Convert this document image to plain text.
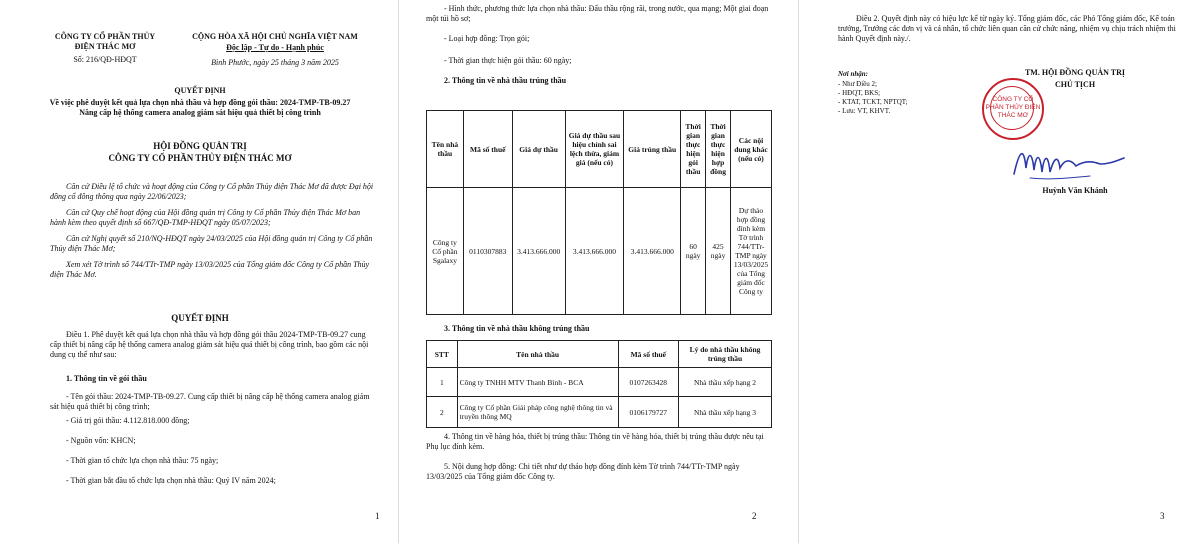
CÔNG TY CỔ PHẦN THỦY ĐIỆN THÁC MƠ
Số: 216/QĐ-HĐQT
CỘNG HÒA XÃ HỘI CHỦ NGHĨA VIỆT NAM
Độc lập - Tự do - Hạnh phúc
Bình Phước, ngày 25 tháng 3 năm 2025
QUYẾT ĐỊNH
Về việc phê duyệt kết quả lựa chọn nhà thầu và hợp đồng gói thầu: 2024-TMP-TB-09.27 Nâng cấp hệ thống camera analog giám sát hiệu quả thiết bị công trình
HỘI ĐỒNG QUẢN TRỊ
CÔNG TY CỔ PHẦN THỦY ĐIỆN THÁC MƠ
Căn cứ Điều lệ tổ chức và hoạt động của Công ty Cổ phần Thủy điện Thác Mơ đã được Đại hội đồng cổ đông thông qua ngày 22/06/2023;
Căn cứ Quy chế hoạt động của Hội đồng quản trị Công ty Cổ phần Thủy điện Thác Mơ ban hành kèm theo quyết định số 667/QĐ-TMP-HĐQT ngày 05/07/2023;
Căn cứ Nghị quyết số 210/NQ-HĐQT ngày 24/03/2025 của Hội đồng quản trị Công ty Cổ phần Thủy điện Thác Mơ;
Xem xét Tờ trình số 744/TTr-TMP ngày 13/03/2025 của Tổng giám đốc Công ty Cổ phần Thủy điện Thác Mơ.
QUYẾT ĐỊNH
Điều 1. Phê duyệt kết quả lựa chọn nhà thầu và hợp đồng gói thầu 2024-TMP-TB-09.27 cung cấp thiết bị nâng cấp hệ thống camera analog giám sát hiệu quả thiết bị công trình, bao gồm các nội dung cụ thể như sau:
1. Thông tin về gói thầu
- Tên gói thầu: 2024-TMP-TB-09.27. Cung cấp thiết bị nâng cấp hệ thống camera analog giám sát hiệu quả thiết bị công trình;
- Giá trị gói thầu: 4.112.818.000 đồng;
- Nguồn vốn: KHCN;
- Thời gian tổ chức lựa chọn nhà thầu: 75 ngày;
- Thời gian bắt đầu tổ chức lựa chọn nhà thầu: Quý IV năm 2024;
1
- Hình thức, phương thức lựa chọn nhà thầu: Đấu thầu rộng rãi, trong nước, qua mạng; Một giai đoạn một túi hồ sơ;
- Loại hợp đồng: Trọn gói;
- Thời gian thực hiện gói thầu: 60 ngày;
2. Thông tin về nhà thầu trúng thầu
Tên nhà thầu	Mã số thuế	Giá dự thầu	Giá dự thầu sau hiệu chỉnh sai lệch thừa, giảm giá (nếu có)	Giá trúng thầu	Thời gian thực hiện gói thầu	Thời gian thực hiện hợp đồng	Các nội dung khác (nếu có)
Công ty Cổ phần Sgalaxy	0110307883	3.413.666.000	3.413.666.000	3.413.666.000	60 ngày	425 ngày	Dự thảo hợp đồng đính kèm Tờ trình 744/TTr-TMP ngày 13/03/2025 của Tổng giám đốc Công ty
3. Thông tin về nhà thầu không trúng thầu
STT	Tên nhà thầu	Mã số thuế	Lý do nhà thầu không trúng thầu
1	Công ty TNHH MTV Thanh Bình - BCA	0107263428	Nhà thầu xếp hạng 2
2	Công ty Cổ phần Giải pháp công nghệ thông tin và truyền thông MQ	0106179727	Nhà thầu xếp hạng 3
4. Thông tin về hàng hóa, thiết bị trúng thầu: Thông tin về hàng hóa, thiết bị trúng thầu được nêu tại Phụ lục đính kèm.
5. Nội dung hợp đồng: Chi tiết như dự thảo hợp đồng đính kèm Tờ trình 744/TTr-TMP ngày 13/03/2025 của Tổng giám đốc Công ty.
2
Điều 2. Quyết định này có hiệu lực kể từ ngày ký. Tổng giám đốc, các Phó Tổng giám đốc, Kế toán trưởng, Trưởng các đơn vị và cá nhân, tổ chức liên quan căn cứ chức năng, nhiệm vụ chịu trách nhiệm thi hành Quyết định này./.
Nơi nhận:
- Như Điều 2;
- HĐQT, BKS;
- KTAT, TCKT, NPTQT;
- Lưu: VT, KHVT.
TM. HỘI ĐỒNG QUẢN TRỊ
CHỦ TỊCH
CÔNG TY CỔ PHẦN THỦY ĐIỆN THÁC MƠ
Huỳnh Văn Khánh
3
